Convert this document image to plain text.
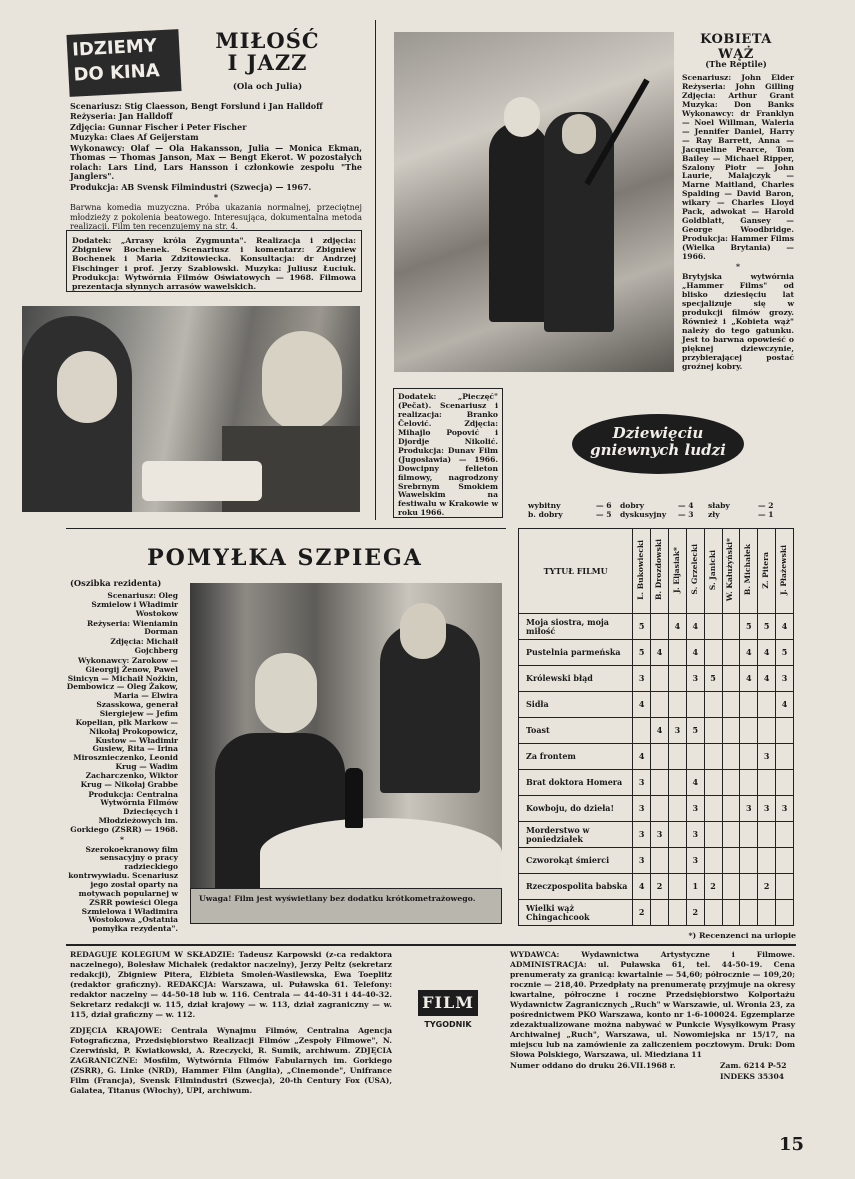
IDZIEMY
DO KINA
MIŁOŚĆ
I JAZZ
(Ola och Julia)

Scenariusz: Stig Claesson, Bengt Forslund i Jan Halldoff

Reżyseria: Jan Halldoff

Zdjęcia: Gunnar Fischer i Peter Fischer

Muzyka: Claes Af Geijerstam

Wykonawcy: Olaf — Ola Hakansson, Julia — Monica Ekman, Thomas — Thomas Janson, Max — Bengt Ekerot. W pozostałych rolach: Lars Lind, Lars Hansson i członkowie zespołu "The Janglers".

Produkcja: AB Svensk Filmindustri (Szwecja) — 1967.

*

Barwna komedia muzyczna. Próba ukazania normalnej, przeciętnej młodzieży z pokolenia beatowego. Interesująca, dokumentalna metoda realizacji. Film ten recenzujemy na str. 4.

Dodatek: „Arrasy króla Zygmunta". Realizacja i zdjęcia: Zbigniew Bochenek. Scenariusz i komentarz: Zbigniew Bochenek i Maria Zdzitowiecka. Konsultacja: dr Andrzej Fischinger i prof. Jerzy Szablowski. Muzyka: Juliusz Łuciuk. Produkcja: Wytwórnia Filmów Oświatowych — 1968. Filmowa prezentacja słynnych arrasów wawelskich.
KOBIETA WĄŻ
(The Reptile)

Scenariusz: John Elder Reżyseria: John Gilling Zdjęcia: Arthur Grant Muzyka: Don Banks Wykonawcy: dr Franklyn — Noel Willman, Waleria — Jennifer Daniel, Harry — Ray Barrett, Anna — Jacqueline Pearce, Tom Bailey — Michael Ripper, Szalony Piotr — John Laurie, Malajczyk — Marne Maitland, Charles Spalding — David Baron, wikary — Charles Lloyd Pack, adwokat — Harold Goldblatt, Gansey — George Woodbridge. Produkcja: Hammer Films (Wielka Brytania) — 1966.

*

Brytyjska wytwórnia „Hammer Films" od blisko dziesięciu lat specjalizuje się w produkcji filmów grozy. Również i „Kobieta wąż" należy do tego gatunku. Jest to barwna opowieść o pięknej dziewczynie, przybierającej postać groźnej kobry.

Dodatek: „Pieczęć" (Pečat). Scenariusz i realizacja: Branko Čelović. Zdjęcia: Mihajlo Popović i Djordje Nikolić. Produkcja: Dunav Film (Jugosławia) — 1966. Dowcipny felieton filmowy, nagrodzony Srebrnym Smokiem Wawelskim na festiwalu w Krakowie w roku 1966.
Dziewięciu
gniewnych ludzi
wybitny	— 6
b. dobry	— 5
dobry	— 4
dyskusyjny — 3
słaby	— 2
zły	— 1
TYTUŁ FILMU	L. Bukowiecki	B. Drozdowski	J. Eljasiak*	S. Grzelecki	S. Janicki	W. Kałużyński*	B. Michałek	Z. Pitera	J. Płażewski
Moja siostra, moja miłość	5		4	4			5	5	4
Pustelnia parmeńska	5	4		4			4	4	5
Królewski błąd	3			3	5		4	4	3
Sidła	4								4
Toast		4	3	5					
Za frontem	4							3	
Brat doktora Homera	3			4					
Kowboju, do dzieła!	3			3			3	3	3
Morderstwo w poniedziałek	3	3		3					
Czworokąt śmierci	3			3					
Rzeczpospolita babska	4	2		1	2			2	
Wielki wąż Chingachcook	2			2					
*) Recenzenci na urlopie
POMYŁKA SZPIEGA
(Oszibka rezidenta)

Scenariusz: Oleg Szmielow i Władimir Wostokow

Reżyseria: Wieniamin Dorman

Zdjęcia: Michaił Gojchberg

Wykonawcy: Zarokow — Gieorgij Żenow, Pawel Sinicyn — Michaił Nożkin, Dembowicz — Oleg Żakow, Maria — Elwira Szasskowa, generał Siergiejew — Jefim Kopelian, płk Markow — Nikołaj Prokopowicz, Kustow — Władimir Gusiew, Rita — Irina Mirosznieczenko, Leonid Krug — Wadim Zacharczenko, Wiktor Krug — Nikołaj Grabbe

Produkcja: Centralna Wytwórnia Filmów Dziecięcych i Młodzieżowych im. Gorkiego (ZSRR) — 1968.

*

Szerokoekranowy film sensacyjny o pracy radzieckiego kontrwywiadu. Scenariusz jego został oparty na motywach popularnej w ZSRR powieści Olega Szmielowa i Władimira Wostokowa „Ostatnia pomyłka rezydenta".

Uwaga! Film jest wyświetlany bez dodatku krótkometrażowego.

REDAGUJE KOLEGIUM W SKŁADZIE: Tadeusz Karpowski (z-ca redaktora naczelnego), Bolesław Michałek (redaktor naczelny), Jerzy Peltz (sekretarz redakcji), Zbigniew Pitera, Elżbieta Smoleń-Wasilewska, Ewa Toeplitz (redaktor graficzny). REDAKCJA: Warszawa, ul. Puławska 61. Telefony: redaktor naczelny — 44-50-18 lub w. 116. Centrala — 44-40-31 i 44-40-32. Sekretarz redakcji w. 115, dział krajowy — w. 113, dział zagraniczny — w. 115, dział graficzny — w. 112.

ZDJĘCIA KRAJOWE: Centrala Wynajmu Filmów, Centralna Agencja Fotograficzna, Przedsiębiorstwo Realizacji Filmów „Zespoły Filmowe", N. Czerwiński, P. Kwiatkowski, A. Rzeczycki, R. Sumik, archiwum. ZDJĘCIA ZAGRANICZNE: Mosfilm, Wytwórnia Filmów Fabularnych im. Gorkiego (ZSRR), G. Linke (NRD), Hammer Film (Anglia), „Cinemonde", Unifrance Film (Francja), Svensk Filmindustri (Szwecja), 20-th Century Fox (USA), Galatea, Titanus (Włochy), UPI, archiwum.

FILM
TYGODNIK

WYDAWCA: Wydawnictwa Artystyczne i Filmowe. ADMINISTRACJA: ul. Puławska 61, tel. 44-50-19. Cena prenumeraty za granicą: kwartalnie — 54,60; półrocznie — 109,20; rocznie — 218,40. Przedpłaty na prenumeratę przyjmuje na okresy kwartalne, półroczne i roczne Przedsiębiorstwo Kolportażu Wydawnictw Zagranicznych „Ruch" w Warszawie, ul. Wronia 23, za pośrednictwem PKO Warszawa, konto nr 1-6-100024. Egzemplarze zdezaktualizowane można nabywać w Punkcie Wysyłkowym Prasy Archiwalnej „Ruch", Warszawa, ul. Nowomiejska nr 15/17, na miejscu lub na zamówienie za zaliczeniem pocztowym. Druk: Dom Słowa Polskiego, Warszawa, ul. Miedziana 11

Numer oddano do druku 26.VII.1968 r.	Zam. 6214 P-52
INDEKS 35304
15
